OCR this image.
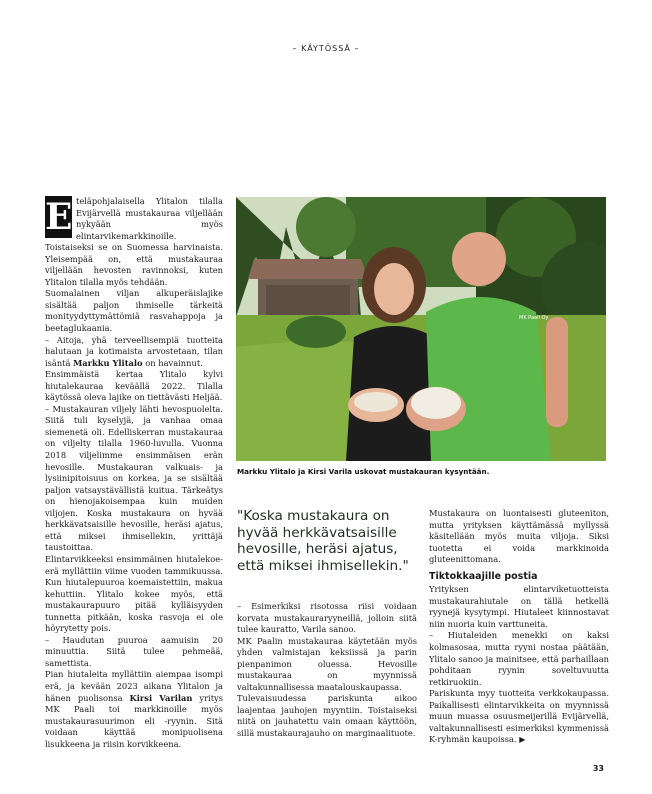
– KÄYTÖSSÄ –

E teläpohjalaisella Ylitalon tilalla Evijärvellä mustakauraa viljellään nykyään myös elintarvikemarkkinoille. Toistaiseksi se on Suomessa harvinaista. Yleisempää on, että mustakauraa viljellään hevosten ravinnoksi, kuten Ylitalon tilalla myös tehdään.

Suomalainen viljan alkuperäislajike sisältää paljon ihmiselle tärkeitä monityydyttymättömiä rasvahappoja ja beetaglukaania.

– Aitoja, yhä terveellisempiä tuotteita halutaan ja kotimaista arvostetaan, tilan isäntä Markku Ylitalo on havainnut.

Ensimmäistä kertaa Ylitalo kylvi hiutalekauraa keväällä 2022. Tilalla käytössä oleva lajike on tiettävästi Heljää.

– Mustakauran viljely lähti hevospuolelta. Siitä tuli kyselyjä, ja vanhaa omaa siemenetä oli. Edelliskerran mustakauraa on viljelty tilalla 1960-luvulla. Vuonna 2018 viljelimme ensimmäisen erän hevosille. Mustakauran valkuais- ja lysiinipitoisuus on korkea, ja se sisältää paljon vatsaystävällistä kuitua. Tärkeätys on hienojakoisempaa kuin muiden viljojen. Koska mustakaura on hyvää herkkävatsaisille hevosille, heräsi ajatus, että miksei ihmisellekin, yrittäjä taustoittaa.

Elintarvikkeeksi ensimmäinen hiutalekoe-erä myllättiin viime vuoden tammikuussa. Kun hiutalepuuroa koemaistettiin, makua kehuttiin. Ylitalo kokee myös, että mustakaurapuuro pitää kylläisyyden tunnetta pitkään, koska rasvoja ei ole höyrytetty pois.

– Haudutan puuroa aamuisin 20 minuuttia. Siitä tulee pehmeää, samettista.

Pian hiutaleita myllättiin aiempaa isompi erä, ja kevään 2023 aikana Ylitalon ja hänen puolisonsa Kirsi Varilan yritys MK Paali toi markkinoille myös mustakaurasuurimon eli -ryynin. Sitä voidaan käyttää monipuolisena lisukkeena ja riisin korvikkeena.

MK Paali Oy
Markku Ylitalo ja Kirsi Varila uskovat mustakauran kysyntään.
"Koska mustakaura on hyvää herkkävatsaisille hevosille, heräsi ajatus, että miksei ihmisellekin."

– Esimerkiksi risotossa riisi voidaan korvata mustakauraryyneillä, jolloin siitä tulee kauratto, Varila sanoo.

MK Paalin mustakauraa käytetään myös yhden valmistajan keksiissä ja parin pienpanimon oluessa. Hevosille mustakauraa on myynnissä valtakunnallisessa maatalouskaupassa.

Tulevaisuudessa pariskunta aikoo laajentaa jauhojen myyntiin. Toistaiseksi niitä on jauhatettu vain omaan käyttöön, sillä mustakaurajauho on marginaalituote.

Mustakaura on luontaisesti gluteeniton, mutta yrityksen käyttämässä myllyssä käsitellään myös muita viljoja. Siksi tuotetta ei voida markkinoida gluteenittomana.

Tiktokkaajille postia

Yrityksen elintarviketuotteista mustakaurahiutale on tällä hetkellä ryynejä kysytympi. Hiutaleet kiinnostavat niin nuoria kuin varttuneita.

– Hiutaleiden menekki on kaksi kolmasosaa, mutta ryyni nostaa päätään, Ylitalo sanoo ja mainitsee, että parhaillaan pohditaan ryynin soveltuvuutta retkiruokiin.

Pariskunta myy tuotteita verkkokaupassa. Paikallisesti elintarvikkeita on myynnissä muun muassa osuusmeijerillä Evijärvellä, valtakunnallisesti esimerkiksi kymmenissä K-ryhmän kaupoissa. ▶

33
